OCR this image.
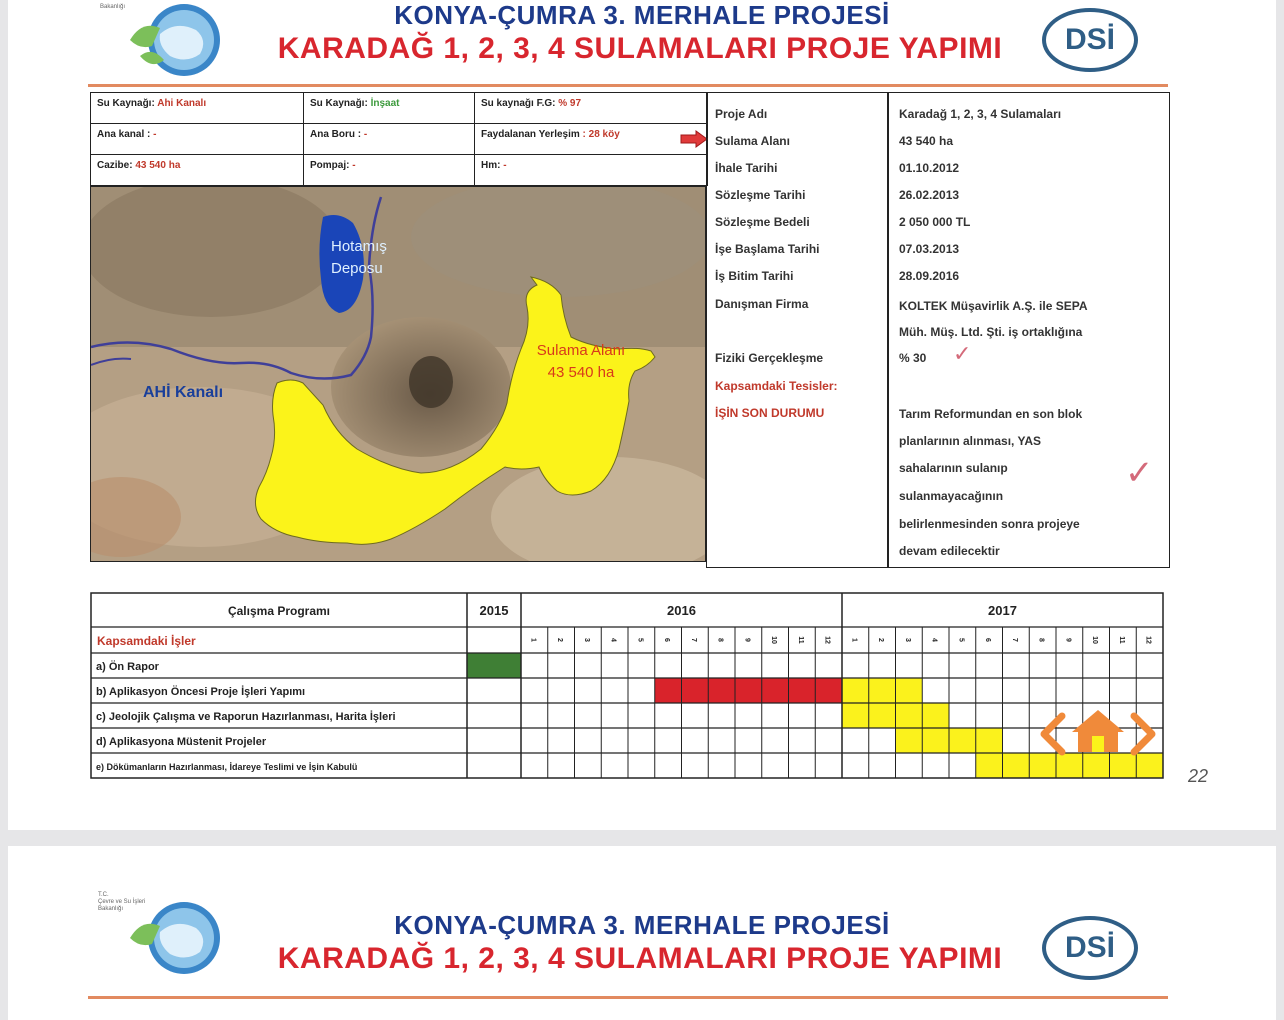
Bakanlığı	KONYA-ÇUMRA 3. MERHALE PROJESİ
KARADAĞ 1, 2, 3, 4 SULAMALARI PROJE YAPIMI	DSİ
Su Kaynağı: Ahi Kanalı	Su Kaynağı: İnşaat	Su kaynağı F.G: % 97
Ana kanal : -	Ana Boru : -	Faydalanan Yerleşim : 28 köy
Cazibe: 43 540 ha	Pompaj: -	Hm: -
AHİ Kanalı
Hotamış
Deposu
Sulama Alanı
43 540 ha
Proje Adı	Karadağ 1, 2, 3, 4 Sulamaları
Sulama Alanı	43 540 ha
İhale Tarihi	01.10.2012
Sözleşme Tarihi	26.02.2013
Sözleşme Bedeli	2 050 000 TL
İşe Başlama Tarihi	07.03.2013
İş Bitim Tarihi	28.09.2016
Danışman Firma	KOLTEK Müşavirlik A.Ş. ile SEPA
Müh. Müş. Ltd. Şti. iş ortaklığına
Fiziki Gerçekleşme	% 30
Kapsamdaki Tesisler:
İŞİN SON DURUMU	Tarım Reformundan en son blok
planlarının alınması, YAS
sahalarının sulanıp
sulanmayacağının
belirlenmesinden sonra projeye
devam edilecektir
✓
✓
Çalışma Programı	2015	2016	2017
Kapsamdaki İşler	1	2	3	4	5	6	7	8	9	10	11	12	1	2	3	4	5	6	7	8	9	10	11	12
a) Ön Rapor
b) Aplikasyon Öncesi Proje İşleri Yapımı
c) Jeolojik Çalışma ve Raporun Hazırlanması, Harita İşleri
d) Aplikasyona Müstenit Projeler
e) Dökümanların Hazırlanması, İdareye Teslimi ve İşin Kabulü	22
T.C.
Çevre ve Su İşleri
Bakanlığı
KONYA-ÇUMRA 3. MERHALE PROJESİ
KARADAĞ 1, 2, 3, 4 SULAMALARI PROJE YAPIMI	DSİ
